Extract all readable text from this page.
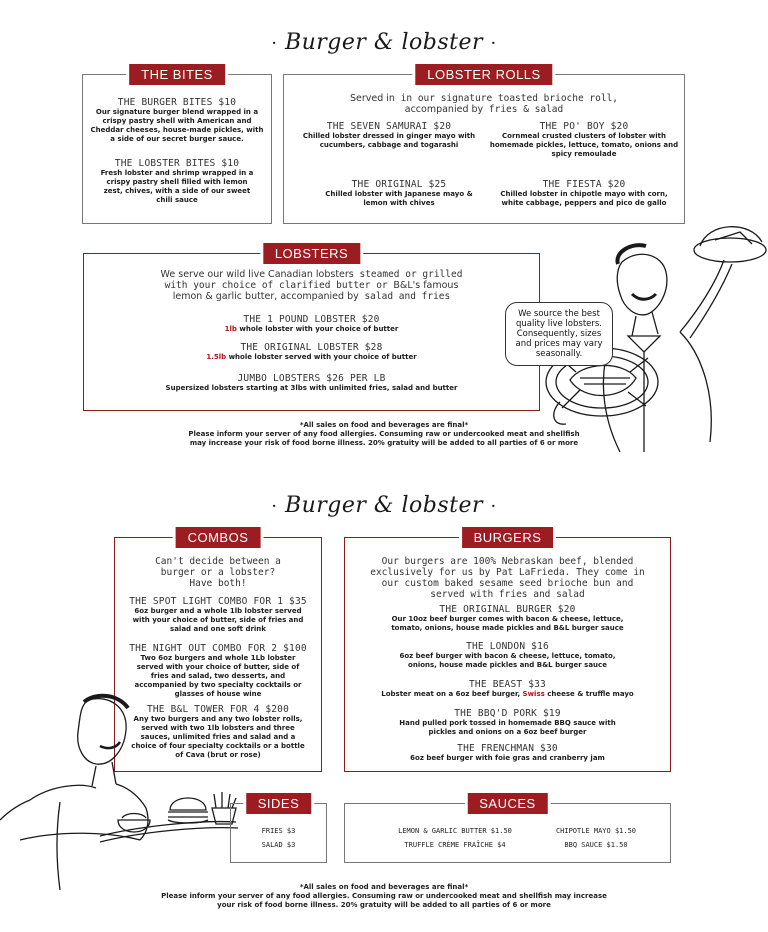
· Burger & lobster ·
THE BITES
THE BURGER BITES $10
Our signature burger blend wrapped in a crispy pastry shell with American and Cheddar cheeses, house-made pickles, with a side of our secret burger sauce.
THE LOBSTER BITES $10
Fresh lobster and shrimp wrapped in a crispy pastry shell filled with lemon zest, chives, with a side of our sweet chili sauce
LOBSTER ROLLS
Served in in our signature toasted brioche roll, accompanied by fries & salad
THE SEVEN SAMURAI $20
Chilled lobster dressed in ginger mayo with cucumbers, cabbage and togarashi
THE PO' BOY $20
Cornmeal crusted clusters of lobster with homemade pickles, lettuce, tomato, onions and spicy remoulade
THE ORIGINAL $25
Chilled lobster with Japanese mayo & lemon with chives
THE FIESTA $20
Chilled lobster in chipotle mayo with corn, white cabbage, peppers and pico de gallo
LOBSTERS
We serve our wild live Canadian lobsters steamed or grilled with your choice of clarified butter or B&L's famous lemon & garlic butter, accompanied by salad and fries
THE 1 POUND LOBSTER $20
1lb whole lobster with your choice of butter
THE ORIGINAL LOBSTER $28
1.5lb whole lobster served with your choice of butter
JUMBO LOBSTERS $26 PER LB
Supersized lobsters starting at 3lbs with unlimited fries, salad and butter
We source the best quality live lobsters. Consequently, sizes and prices may vary seasonally.
*All sales on food and beverages are final*
Please inform your server of any food allergies. Consuming raw or undercooked meat and shellfish
may increase your risk of food borne illness. 20% gratuity will be added to all parties of 6 or more
· Burger & lobster ·
COMBOS
Can't decide between a burger or a lobster? Have both!
THE SPOT LIGHT COMBO FOR 1 $35
6oz burger and a whole 1lb lobster served with your choice of butter, side of fries and salad and one soft drink
THE NIGHT OUT COMBO FOR 2 $100
Two 6oz burgers and whole 1Lb lobster served with your choice of butter, side of fries and salad, two desserts, and accompanied by two specialty cocktails or glasses of house wine
THE B&L TOWER FOR 4 $200
Any two burgers and any two lobster rolls, served with two 1lb lobsters and three sauces, unlimited fries and salad and a choice of four specialty cocktails or a bottle of Cava (brut or rose)
BURGERS
Our burgers are 100% Nebraskan beef, blended exclusively for us by Pat LaFrieda. They come in our custom baked sesame seed brioche bun and served with fries and salad
THE ORIGINAL BURGER $20
Our 10oz beef burger comes with bacon & cheese, lettuce, tomato, onions, house made pickles and B&L burger sauce
THE LONDON $16
6oz beef burger with bacon & cheese, lettuce, tomato, onions, house made pickles and B&L burger sauce
THE BEAST $33
Lobster meat on a 6oz beef burger, Swiss cheese & truffle mayo
THE BBQ'D PORK $19
Hand pulled pork tossed in homemade BBQ sauce with pickles and onions on a 6oz beef burger
THE FRENCHMAN $30
6oz beef burger with foie gras and cranberry jam
SIDES
FRIES $3
SALAD $3
SAUCES
LEMON & GARLIC BUTTER $1.50
TRUFFLE CRÈME FRAÎCHE $4
CHIPOTLE MAYO $1.50
BBQ SAUCE $1.50
*All sales on food and beverages are final*
Please inform your server of any food allergies. Consuming raw or undercooked meat and shellfish may increase
your risk of food borne illness. 20% gratuity will be added to all parties of 6 or more
